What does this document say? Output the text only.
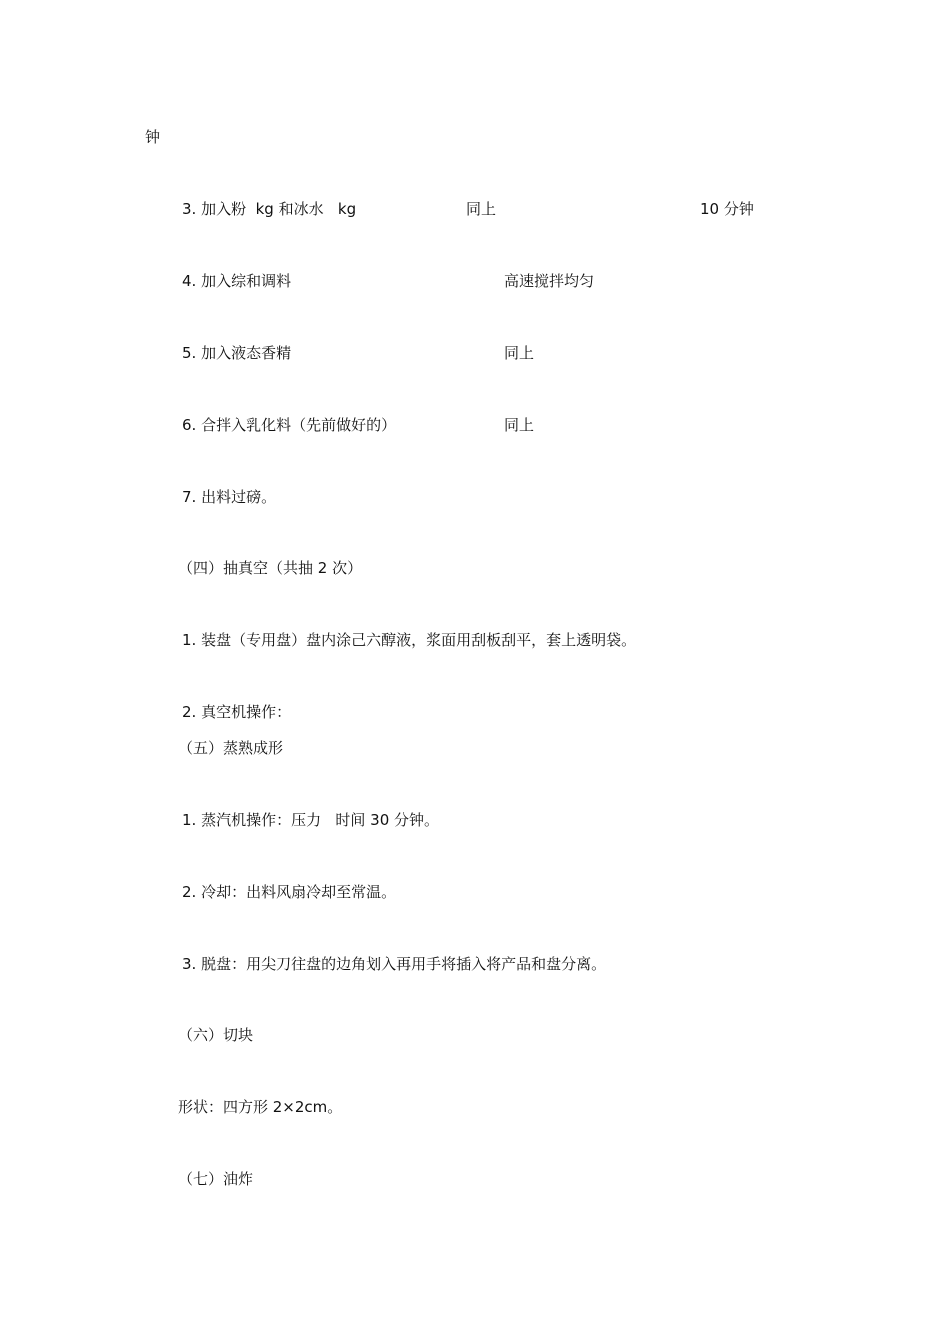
钟
3. 加入粉  kg 和冰水   kg	同上	10 分钟
4. 加入综和调料	高速搅拌均匀
5. 加入液态香精	同上
6. 合拌入乳化料（先前做好的）	同上
7. 出料过磅。
（四）抽真空（共抽 2 次）
1. 装盘（专用盘）盘内涂己六醇液，浆面用刮板刮平，套上透明袋。
2. 真空机操作：
（五）蒸熟成形
1. 蒸汽机操作：压力   时间 30 分钟。
2. 冷却：出料风扇冷却至常温。
3. 脱盘：用尖刀往盘的边角划入再用手将插入将产品和盘分离。
（六）切块
形状：四方形 2×2cm。
（七）油炸
